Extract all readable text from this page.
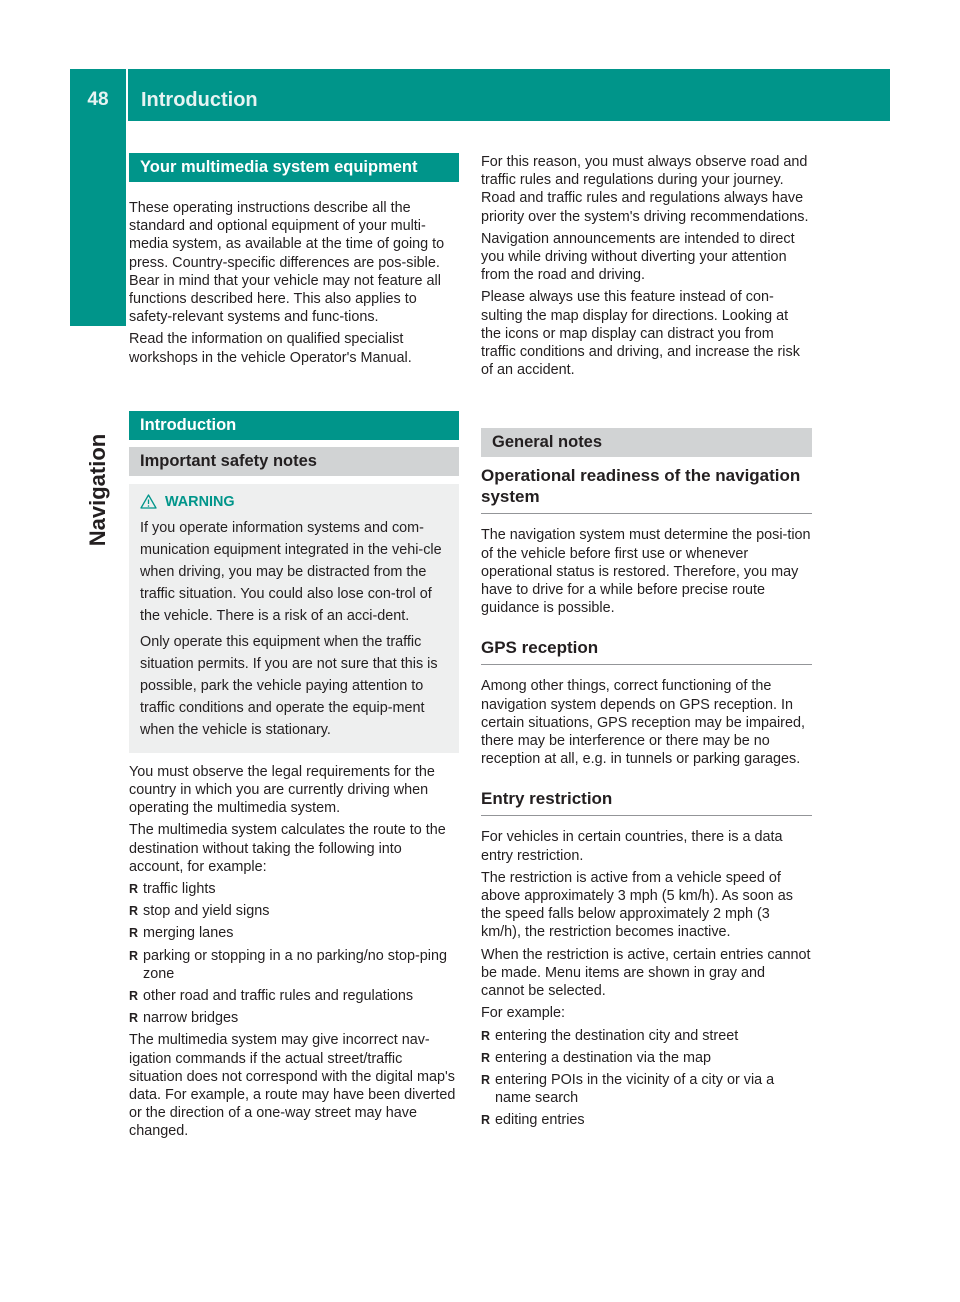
48	Introduction
Navigation
Your multimedia system equipment

These operating instructions describe all the standard and optional equipment of your multi-media system, as available at the time of going to press. Country-specific differences are pos-sible. Bear in mind that your vehicle may not feature all functions described here. This also applies to safety-relevant systems and func-tions.

Read the information on qualified specialist workshops in the vehicle Operator's Manual.

Introduction
Important safety notes
WARNING

If you operate information systems and com-munication equipment integrated in the vehi-cle when driving, you may be distracted from the traffic situation. You could also lose con-trol of the vehicle. There is a risk of an acci-dent.

Only operate this equipment when the traffic situation permits. If you are not sure that this is possible, park the vehicle paying attention to traffic conditions and operate the equip-ment when the vehicle is stationary.

You must observe the legal requirements for the country in which you are currently driving when operating the multimedia system.

The multimedia system calculates the route to the destination without taking the following into account, for example:

R traffic lights
R stop and yield signs
R merging lanes
R parking or stopping in a no parking/no stop-ping zone
R other road and traffic rules and regulations
R narrow bridges

The multimedia system may give incorrect nav-igation commands if the actual street/traffic situation does not correspond with the digital map's data. For example, a route may have been diverted or the direction of a one-way street may have changed.

For this reason, you must always observe road and traffic rules and regulations during your journey. Road and traffic rules and regulations always have priority over the system's driving recommendations.

Navigation announcements are intended to direct you while driving without diverting your attention from the road and driving.

Please always use this feature instead of con-sulting the map display for directions. Looking at the icons or map display can distract you from traffic conditions and driving, and increase the risk of an accident.

General notes
Operational readiness of the navigation system

The navigation system must determine the posi-tion of the vehicle before first use or whenever operational status is restored. Therefore, you may have to drive for a while before precise route guidance is possible.

GPS reception

Among other things, correct functioning of the navigation system depends on GPS reception. In certain situations, GPS reception may be impaired, there may be interference or there may be no reception at all, e.g. in tunnels or parking garages.

Entry restriction

For vehicles in certain countries, there is a data entry restriction.

The restriction is active from a vehicle speed of above approximately 3 mph (5 km/h). As soon as the speed falls below approximately 2 mph (3 km/h), the restriction becomes inactive.

When the restriction is active, certain entries cannot be made. Menu items are shown in gray and cannot be selected.

For example:

R entering the destination city and street
R entering a destination via the map
R entering POIs in the vicinity of a city or via a name search
R editing entries
